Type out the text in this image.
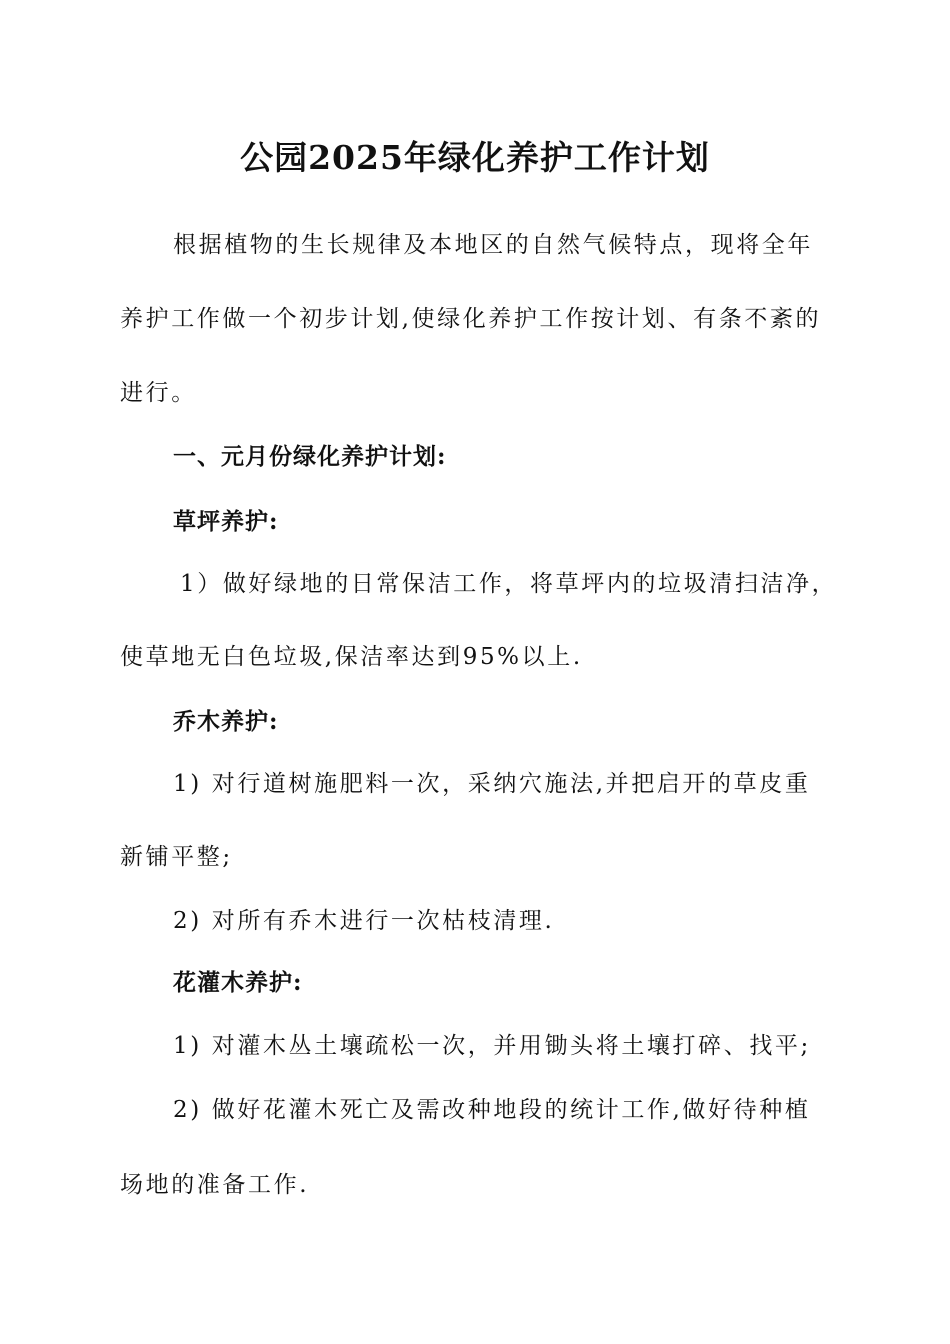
公园2025年绿化养护工作计划
根据植物的生长规律及本地区的自然气候特点，现将全年
养护工作做一个初步计划,使绿化养护工作按计划、有条不紊的
进行。
一、元月份绿化养护计划:
草坪养护:
1）做好绿地的日常保洁工作，将草坪内的垃圾清扫洁净，
使草地无白色垃圾,保洁率达到95%以上.
乔木养护:
1) 对行道树施肥料一次，采纳穴施法,并把启开的草皮重
新铺平整;
2) 对所有乔木进行一次枯枝清理.
花灌木养护:
1) 对灌木丛土壤疏松一次，并用锄头将土壤打碎、找平;
2) 做好花灌木死亡及需改种地段的统计工作,做好待种植
场地的准备工作.
